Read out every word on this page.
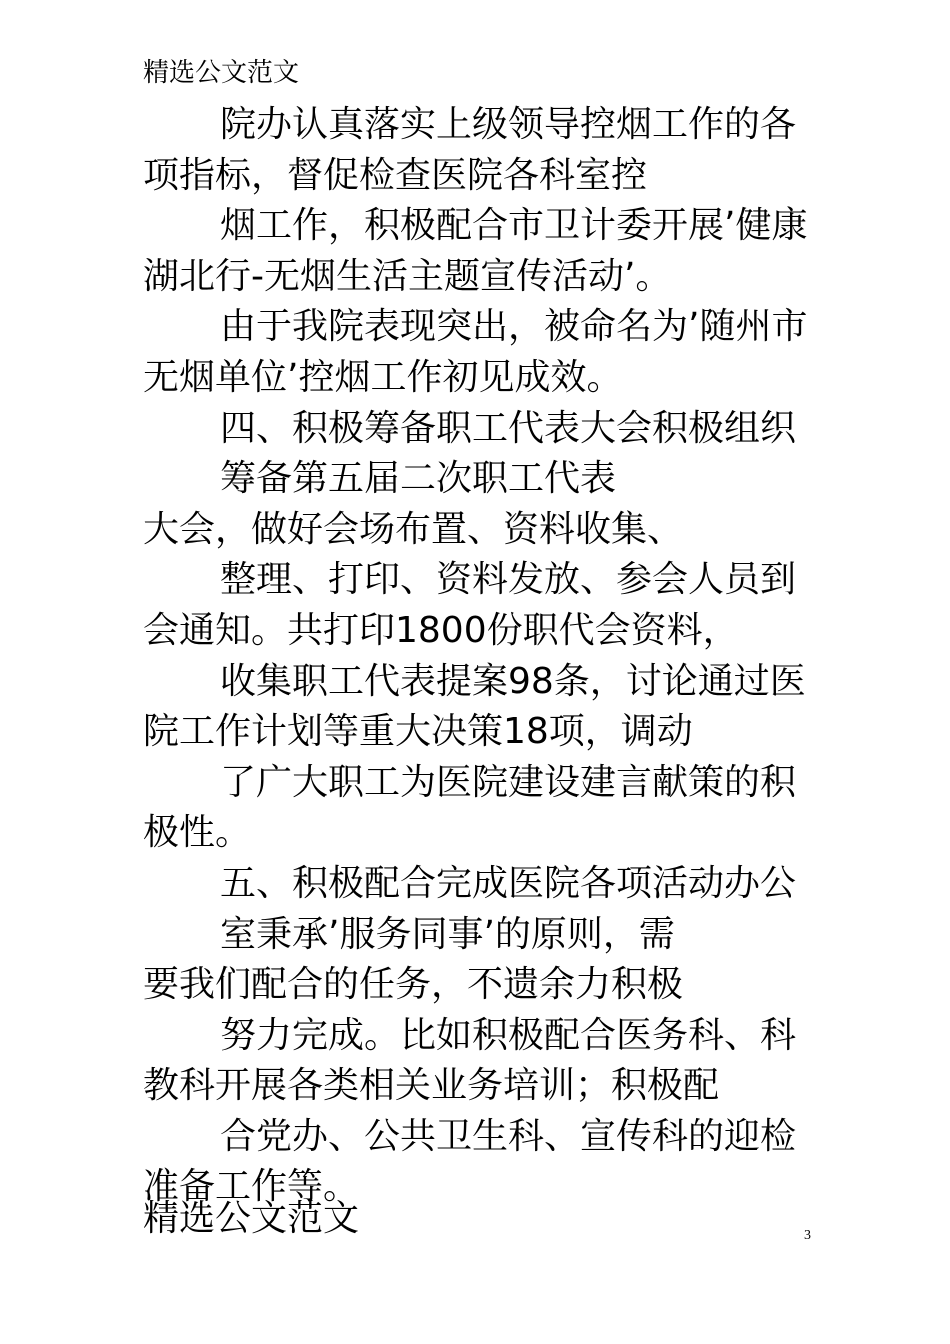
精选公文范文
院办认真落实上级领导控烟工作的各
项指标，督促检查医院各科室控
烟工作，积极配合市卫计委开展’健康
湖北行-无烟生活主题宣传活动’。
由于我院表现突出，被命名为’随州市
无烟单位’控烟工作初见成效。
四、积极筹备职工代表大会积极组织
筹备第五届二次职工代表
大会，做好会场布置、资料收集、
整理、打印、资料发放、参会人员到
会通知。共打印1800份职代会资料，
收集职工代表提案98条，讨论通过医
院工作计划等重大决策18项，调动
了广大职工为医院建设建言献策的积
极性。
五、积极配合完成医院各项活动办公
室秉承’服务同事’的原则，需
要我们配合的任务，不遗余力积极
努力完成。比如积极配合医务科、科
教科开展各类相关业务培训；积极配
合党办、公共卫生科、宣传科的迎检
准备工作等。
精选公文范文	3
